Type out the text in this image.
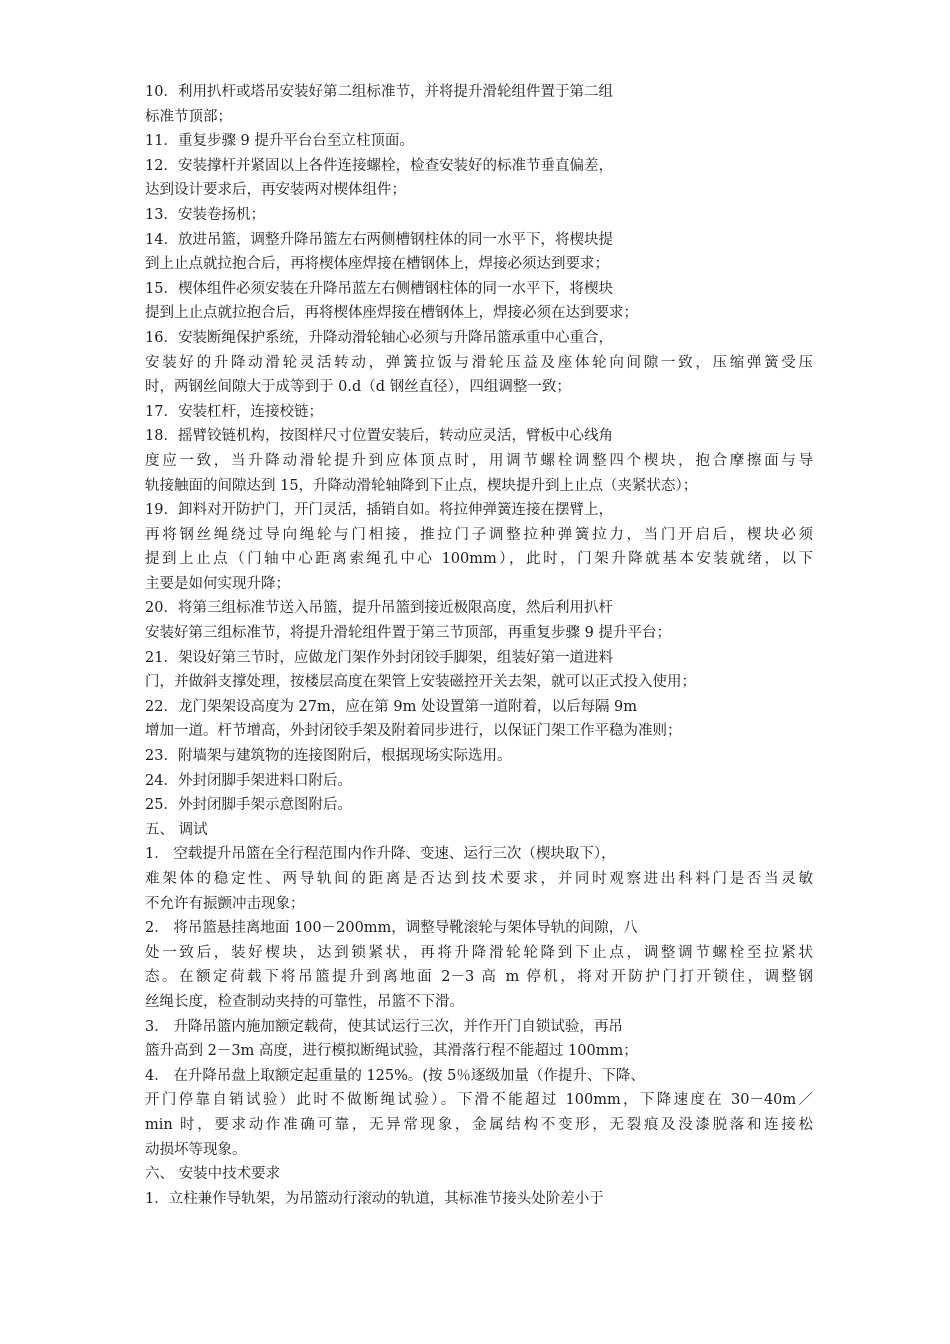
10．利用扒杆或塔吊安装好第二组标准节，并将提升滑轮组件置于第二组
标准节顶部；
11．重复步骤 9 提升平台台至立柱顶面。
12．安装撑杆并紧固以上各件连接螺栓，检查安装好的标准节垂直偏差，
达到设计要求后，再安装两对楔体组件；
13．安装卷扬机；
14．放进吊篮，调整升降吊篮左右两侧槽钢柱体的同一水平下，将楔块提
到上止点就拉抱合后，再将楔体座焊接在槽钢体上，焊接必须达到要求；
15．楔体组件必须安装在升降吊蓝左右侧槽钢柱体的同一水平下，将楔块
提到上止点就拉抱合后，再将楔体座焊接在槽钢体上，焊接必须在达到要求；
16．安装断绳保护系统，升降动滑轮轴心必须与升降吊篮承重中心重合，
安装好的升降动滑轮灵活转动，弹簧拉饭与滑轮压益及座体轮向间隙一致，压缩弹簧受压
时，两钢丝间隙大于成等到于 0.d（d 钢丝直径），四组调整一致；
17．安装杠杆，连接校链；
18．摇臂铰链机构，按图样尺寸位置安装后，转动应灵活，臂板中心线角
度应一致，当升降动滑轮提升到应体顶点时，用调节螺栓调整四个楔块，抱合摩擦面与导
轨接触面的间隙达到 15，升降动滑轮轴降到下止点，楔块提升到上止点（夹紧状态）；
19．卸料对开防护门，开门灵活，插销自如。将拉伸弹簧连接在摆臂上，
再将钢丝绳绕过导向绳轮与门相接，推拉门子调整拉种弹簧拉力，当门开启后，楔块必须
提到上止点（门轴中心距离索绳孔中心 100mm），此时，门架升降就基本安装就绪，以下
主要是如何实现升降；
20．将第三组标准节送入吊篮，提升吊篮到接近极限高度，然后利用扒杆
安装好第三组标准节，将提升滑轮组件置于第三节顶部，再重复步骤 9 提升平台；
21．架设好第三节时，应做龙门架作外封闭铰手脚架，组装好第一道进料
门，并做斜支撑处理，按楼层高度在架管上安装磁控开关去架，就可以正式投入使用；
22．龙门架架设高度为 27m，应在第 9m 处设置第一道附着，以后每隔 9m
增加一道。杆节增高，外封闭铰手架及附着同步进行，以保证门架工作平稳为准则；
23．附墙架与建筑物的连接图附后，根据现场实际选用。
24．外封闭脚手架进料口附后。
25．外封闭脚手架示意图附后。
五、 调试
1． 空载提升吊篮在全行程范围内作升降、变速、运行三次（楔块取下），
难架体的稳定性、两导轨间的距离是否达到技术要求，并同时观察进出科料门是否当灵敏
不允许有振颤冲击现象；
2． 将吊篮悬挂离地面 100－200mm，调整导靴滚轮与架体导轨的间隙，八
处一致后，装好楔块，达到锁紧状，再将升降滑轮轮降到下止点，调整调节螺栓至拉紧状
态。在额定荷载下将吊篮提升到离地面 2－3 高 m 停机，将对开防护门打开锁住，调整钢
丝绳长度，检查制动夹持的可靠性，吊篮不下滑。
3． 升降吊篮内施加额定载荷，使其试运行三次，并作开门自锁试验，再吊
篮升高到 2－3m 高度，进行模拟断绳试验，其滑落行程不能超过 100mm；
4． 在升降吊盘上取额定起重量的 125%。(按 5％逐级加量（作提升、下降、
开门停靠自销试验）此时不做断绳试验）。下滑不能超过 100mm，下降速度在 30－40m／
min 时，要求动作准确可靠，无异常现象，金属结构不变形，无裂痕及没漆脱落和连接松
动损坏等现象。
六、 安装中技术要求
1．立柱兼作导轨架，为吊篮动行滚动的轨道，其标准节接头处阶差小于
